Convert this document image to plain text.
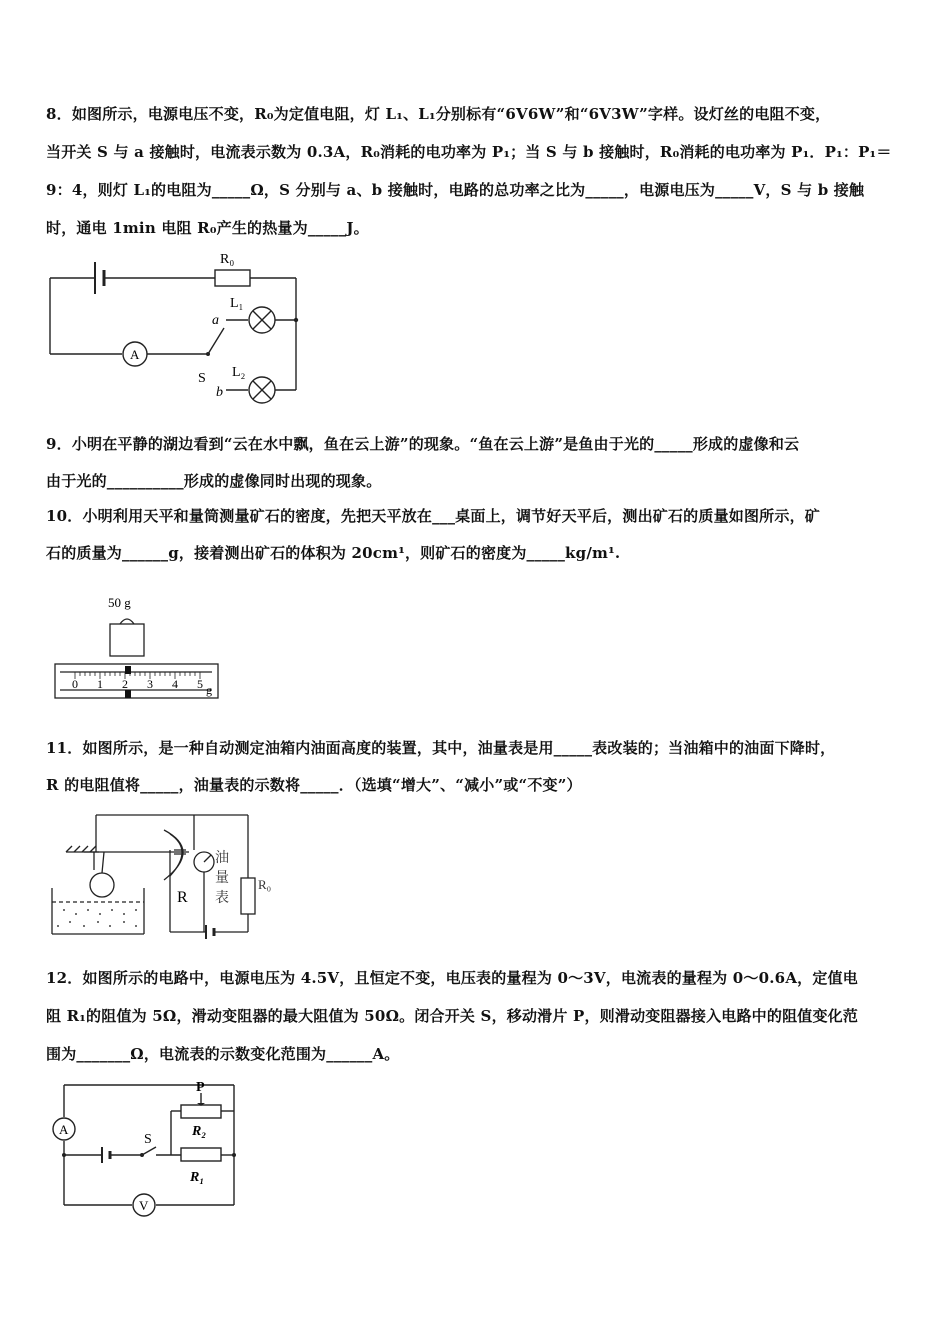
8．如图所示，电源电压不变，R₀为定值电阻，灯 L₁、L₁分别标有“6V6W”和“6V3W”字样。设灯丝的电阻不变，
当开关 S 与 a 接触时，电流表示数为 0.3A，R₀消耗的电功率为 P₁；当 S 与 b 接触时，R₀消耗的电功率为 P₁．P₁：P₁＝
9：4，则灯 L₁的电阻为_____Ω，S 分别与 a、b 接触时，电路的总功率之比为_____，电源电压为_____V，S 与 b 接触
时，通电 1min 电阻 R₀产生的热量为_____J。
R₀
L₁
L₂
a
b
S
A
9．小明在平静的湖边看到“云在水中飘，鱼在云上游”的现象。“鱼在云上游”是鱼由于光的_____形成的虚像和云
由于光的__________形成的虚像同时出现的现象。
10．小明利用天平和量筒测量矿石的密度，先把天平放在___桌面上，调节好天平后，测出矿石的质量如图所示，矿
石的质量为______g，接着测出矿石的体积为 20cm¹，则矿石的密度为_____kg/m¹.
50 g
0 1 2 3 4 5 g
11．如图所示，是一种自动测定油箱内油面高度的装置，其中，油量表是用_____表改装的；当油箱中的油面下降时，
R 的电阻值将_____，油量表的示数将_____．（选填“增大”、“减小”或“不变”）
R
油
量
表
R₀
12．如图所示的电路中，电源电压为 4.5V，且恒定不变，电压表的量程为 0～3V，电流表的量程为 0～0.6A，定值电
阻 R₁的阻值为 5Ω，滑动变阻器的最大阻值为 50Ω。闭合开关 S，移动滑片 P，则滑动变阻器接入电路中的阻值变化范
围为_______Ω，电流表的示数变化范围为______A。
P
R₂
R₁
S
A
V
